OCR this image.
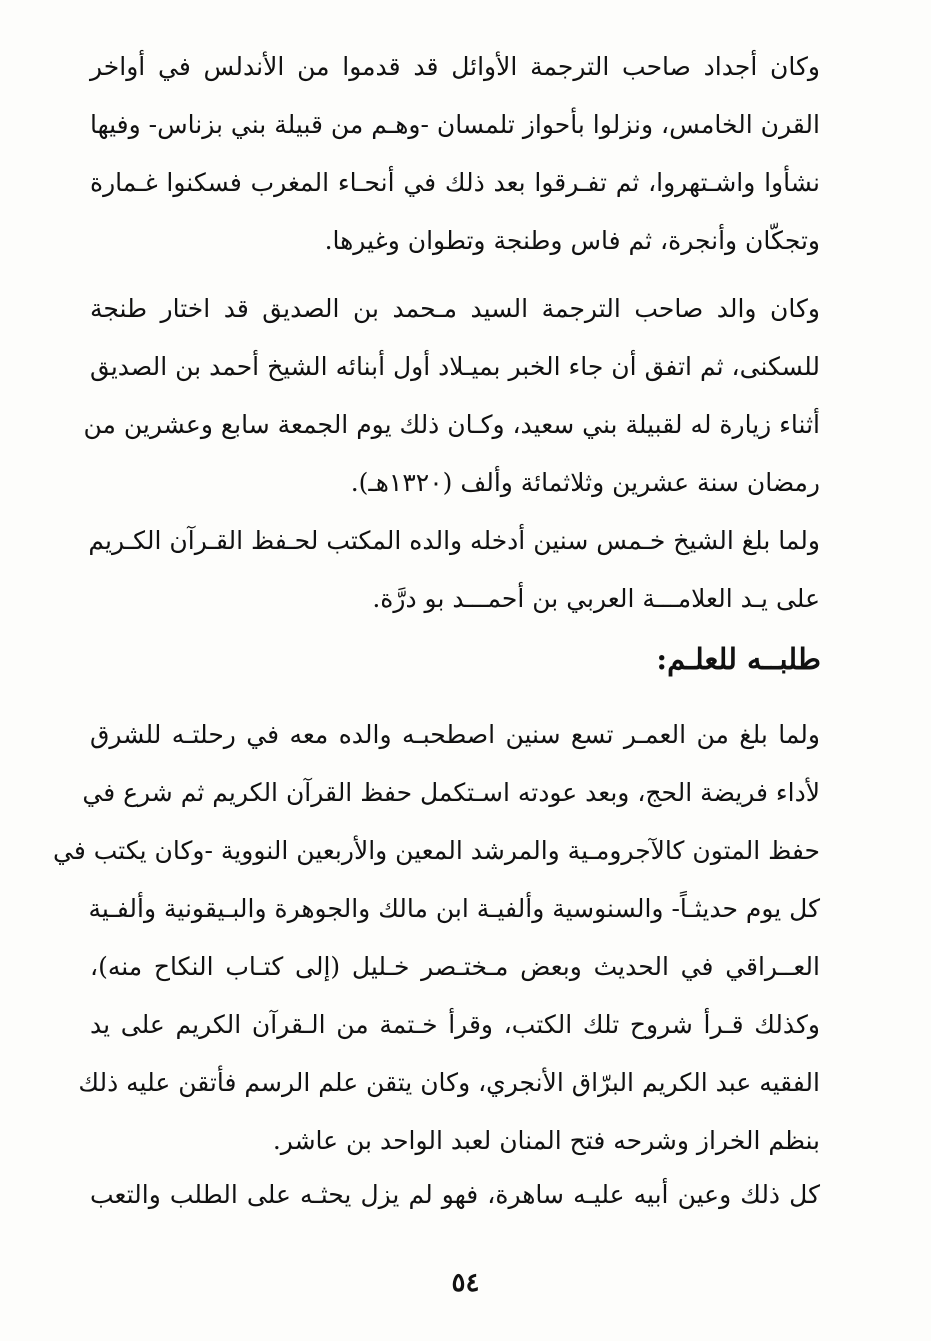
وكان أجداد صاحب الترجمة الأوائل قد قدموا من الأندلس في أواخر
القرن الخامس، ونزلوا بأحواز تلمسان -وهـم من قبيلة بني بزناس- وفيها
نشأوا واشـتهروا، ثم تفـرقوا بعد ذلك في أنحـاء المغرب فسكنوا غـمارة
وتجكّان وأنجرة، ثم فاس وطنجة وتطوان وغيرها.
وكان والد صاحب الترجمة السيد مـحمد بن الصديق قد اختار طنجة
للسكنى، ثم اتفق أن جاء الخبر بميـلاد أول أبنائه الشيخ أحمد بن الصديق
أثناء زيارة له لقبيلة بني سعيد، وكـان ذلك يوم الجمعة سابع وعشرين من
رمضان سنة عشرين وثلاثمائة وألف (١٣٢٠هـ).
ولما بلغ الشيخ خـمس سنين أدخله والده المكتب لحـفظ القـرآن الكـريم
على يـد العلامـــة العربي بن أحمـــد بو درَّة.
طلبــه للعلـم:
ولما بلغ من العمـر تسع سنين اصطحبـه والده معه في رحلتـه للشرق
لأداء فريضة الحج، وبعد عودته اسـتكمل حفظ القرآن الكريم ثم شرع في
حفظ المتون كالآجرومـية والمرشد المعين والأربعين النووية -وكان يكتب في
كل يوم حديثـاً- والسنوسية وألفيـة ابن مالك والجوهرة والبـيقونية وألفـية
العــراقي في الحديث وبعض مـختـصر خـليل (إلى كتـاب النكاح منه)،
وكذلك قـرأ شروح تلك الكتب، وقرأ خـتمة من الـقرآن الكريم على يد
الفقيه عبد الكريم البرّاق الأنجري، وكان يتقن علم الرسم فأتقن عليه ذلك
بنظم الخراز وشرحه فتح المنان لعبد الواحد بن عاشر.
كل ذلك وعين أبيه عليـه ساهرة، فهو لم يزل يحثـه على الطلب والتعب
٥٤
